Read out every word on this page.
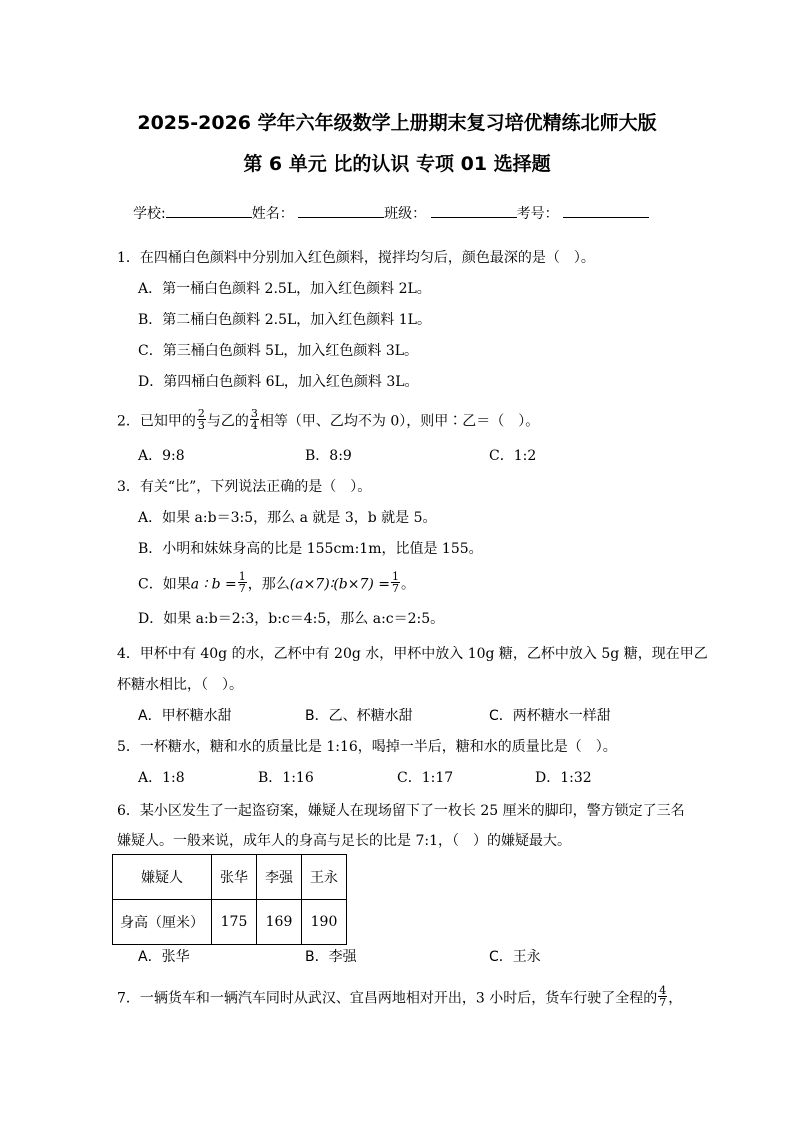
2025-2026 学年六年级数学上册期末复习培优精练北师大版
第 6 单元 比的认识 专项 01 选择题
学校:	姓名：	班级：	考号：
1．在四桶白色颜料中分别加入红色颜料，搅拌均匀后，颜色最深的是（　）。
A．第一桶白色颜料 2.5L，加入红色颜料 2L。
B．第二桶白色颜料 2.5L，加入红色颜料 1L。
C．第三桶白色颜料 5L，加入红色颜料 3L。
D．第四桶白色颜料 6L，加入红色颜料 3L。
2．已知甲的 $\frac{2}{3}$ 与乙的 $\frac{3}{4}$ 相等（甲、乙均不为 0），则甲∶乙＝（　）。
A．9:8	B．8:9	C．1:2
3．有关“比”，下列说法正确的是（　）。
A．如果 a:b＝3:5，那么 a 就是 3，b 就是 5。
B．小明和妹妹身高的比是 155cm:1m，比值是 155。
C．如果a ∶ $b = \frac{1}{7}$ ，那么(a×7)∶(b×7) = $\frac{1}{7}$ 。
D．如果 a:b＝2:3，b:c＝4:5，那么 a:c＝2:5。
4．甲杯中有 40g 的水，乙杯中有 20g 水，甲杯中放入 10g 糖，乙杯中放入 5g 糖，现在甲乙
杯糖水相比，（　）。
A．甲杯糖水甜	B．乙、杯糖水甜	C．两杯糖水一样甜
5．一杯糖水，糖和水的质量比是 1:16，喝掉一半后，糖和水的质量比是（　）。
A．1:8	B．1:16	C．1:17	D．1:32
6．某小区发生了一起盗窃案，嫌疑人在现场留下了一枚长 25 厘米的脚印，警方锁定了三名
嫌疑人。一般来说，成年人的身高与足长的比是 7:1，（　）的嫌疑最大。
嫌疑人	张华	李强	王永
身高（厘米）	175	169	190
A．张华	B．李强	C．王永
7．一辆货车和一辆汽车同时从武汉、宜昌两地相对开出，3 小时后，货车行驶了全程的 $\frac{4}{7}$ ，
